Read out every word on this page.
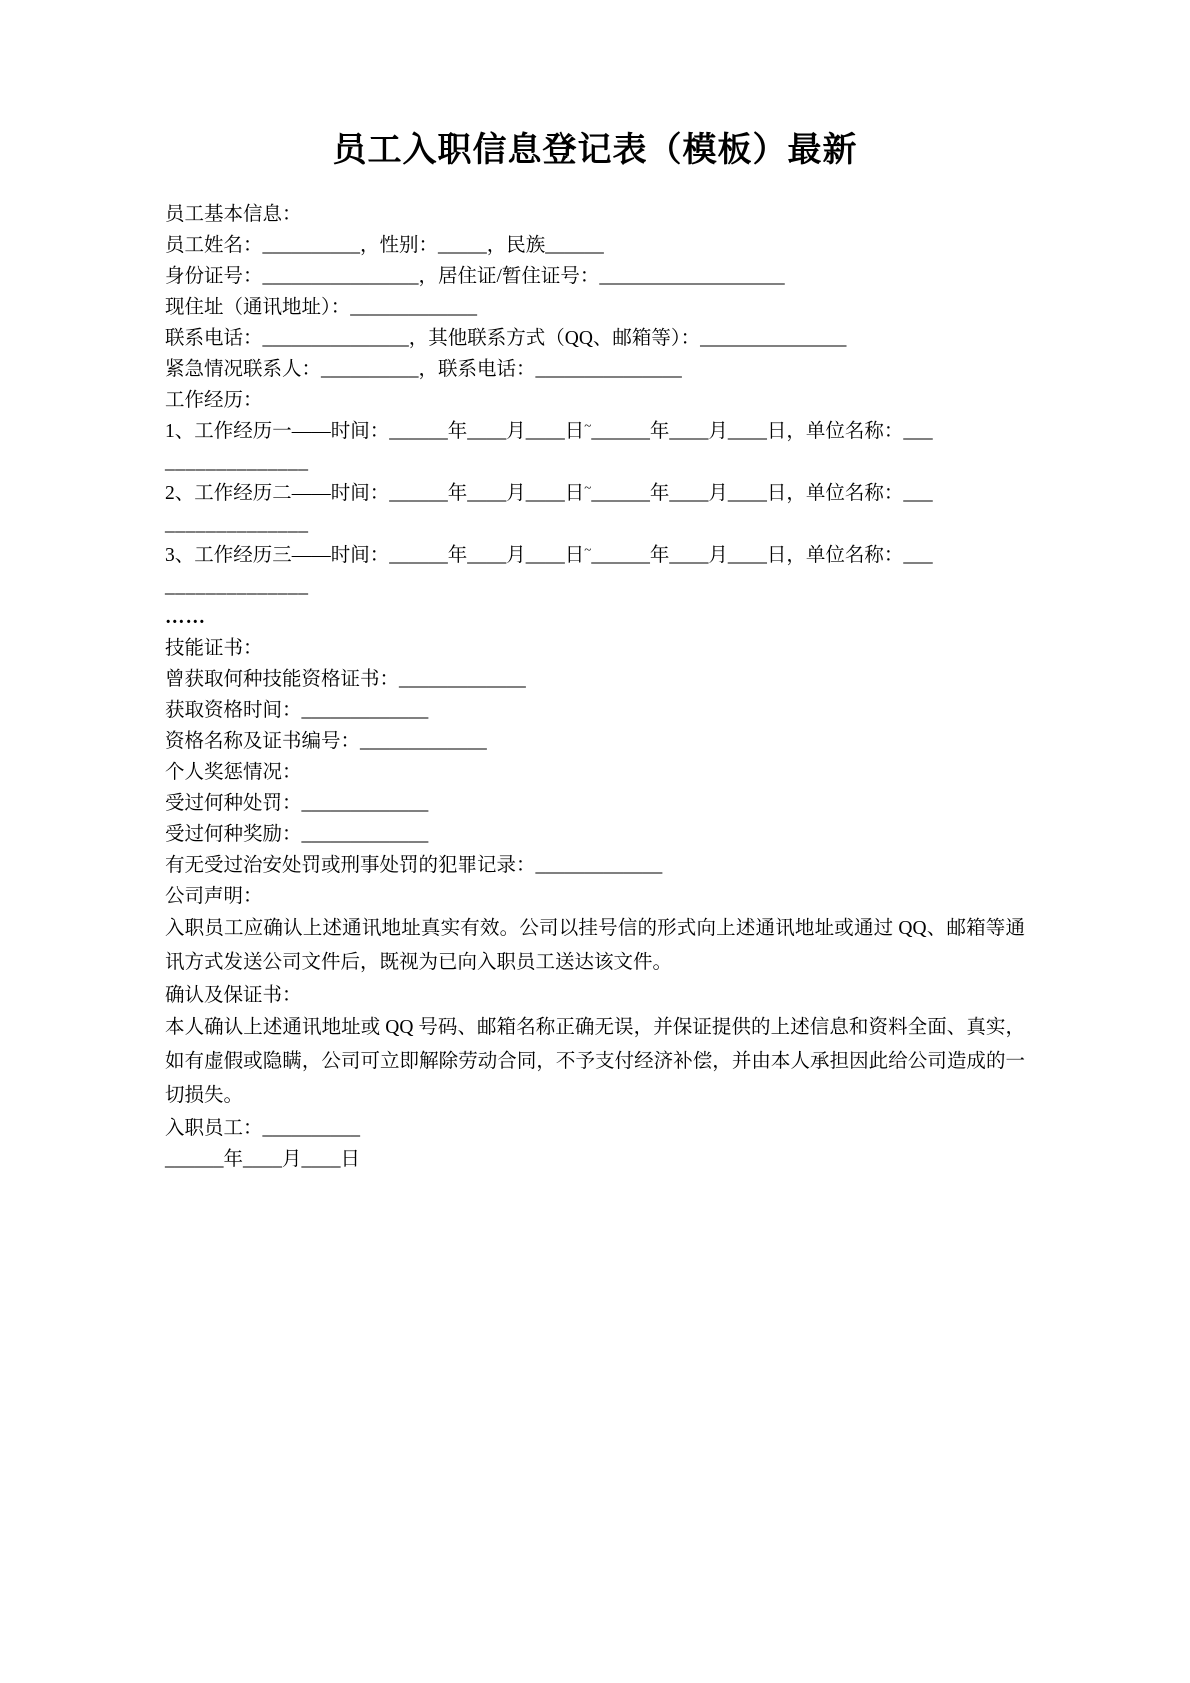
员工入职信息登记表（模板）最新

员工基本信息：

员工姓名：__________，性别：_____，民族______

身份证号：________________，居住证/暂住证号：___________________

现住址（通讯地址）：_____________

联系电话：_______________，其他联系方式（QQ、邮箱等）：_______________

紧急情况联系人：__________，联系电话：_______________

工作经历：

1、工作经历一——时间：______年____月____日~______年____月____日，单位名称：___

______________

2、工作经历二——时间：______年____月____日~______年____月____日，单位名称：___

______________

3、工作经历三——时间：______年____月____日~______年____月____日，单位名称：___

______________

……

技能证书：

曾获取何种技能资格证书：_____________

获取资格时间：_____________

资格名称及证书编号：_____________

个人奖惩情况：

受过何种处罚：_____________

受过何种奖励：_____________

有无受过治安处罚或刑事处罚的犯罪记录：_____________

公司声明：

入职员工应确认上述通讯地址真实有效。公司以挂号信的形式向上述通讯地址或通过 QQ、邮箱等通讯方式发送公司文件后，既视为已向入职员工送达该文件。

确认及保证书：

本人确认上述通讯地址或 QQ 号码、邮箱名称正确无误，并保证提供的上述信息和资料全面、真实，如有虚假或隐瞒，公司可立即解除劳动合同，不予支付经济补偿，并由本人承担因此给公司造成的一切损失。

入职员工：__________

______年____月____日
